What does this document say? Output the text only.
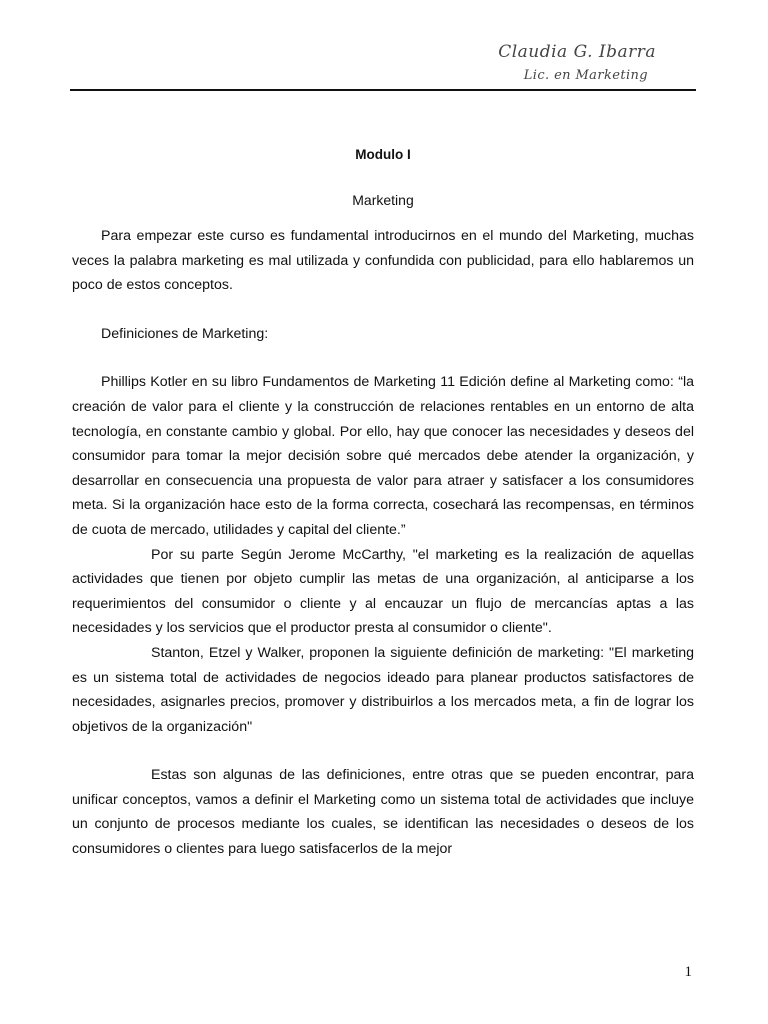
Claudia G. Ibarra
Lic. en Marketing
Modulo I
Marketing

Para empezar este curso es fundamental introducirnos en el mundo del Marketing, muchas veces la palabra marketing es mal utilizada y confundida con publicidad, para ello hablaremos un poco de estos conceptos.

Definiciones de Marketing:

Phillips Kotler en su libro Fundamentos de Marketing 11 Edición define al Marketing como: “la creación de valor para el cliente y la construcción de relaciones rentables en un entorno de alta tecnología, en constante cambio y global. Por ello, hay que conocer las necesidades y deseos del consumidor para tomar la mejor decisión sobre qué mercados debe atender la organización, y desarrollar en consecuencia una propuesta de valor para atraer y satisfacer a los consumidores meta. Si la organización hace esto de la forma correcta, cosechará las recompensas, en términos de cuota de mercado, utilidades y capital del cliente.”

Por su parte Según Jerome McCarthy, "el marketing es la realización de aquellas actividades que tienen por objeto cumplir las metas de una organización, al anticiparse a los requerimientos del consumidor o cliente y al encauzar un flujo de mercancías aptas a las necesidades y los servicios que el productor presta al consumidor o cliente".

Stanton, Etzel y Walker, proponen la siguiente definición de marketing: "El marketing es un sistema total de actividades de negocios ideado para planear productos satisfactores de necesidades, asignarles precios, promover y distribuirlos a los mercados meta, a fin de lograr los objetivos de la organización"

Estas son algunas de las definiciones, entre otras que se pueden encontrar, para unificar conceptos, vamos a definir el Marketing como un sistema total de actividades que incluye un conjunto de procesos mediante los cuales, se identifican las necesidades o deseos de los consumidores o clientes para luego satisfacerlos de la mejor

1
